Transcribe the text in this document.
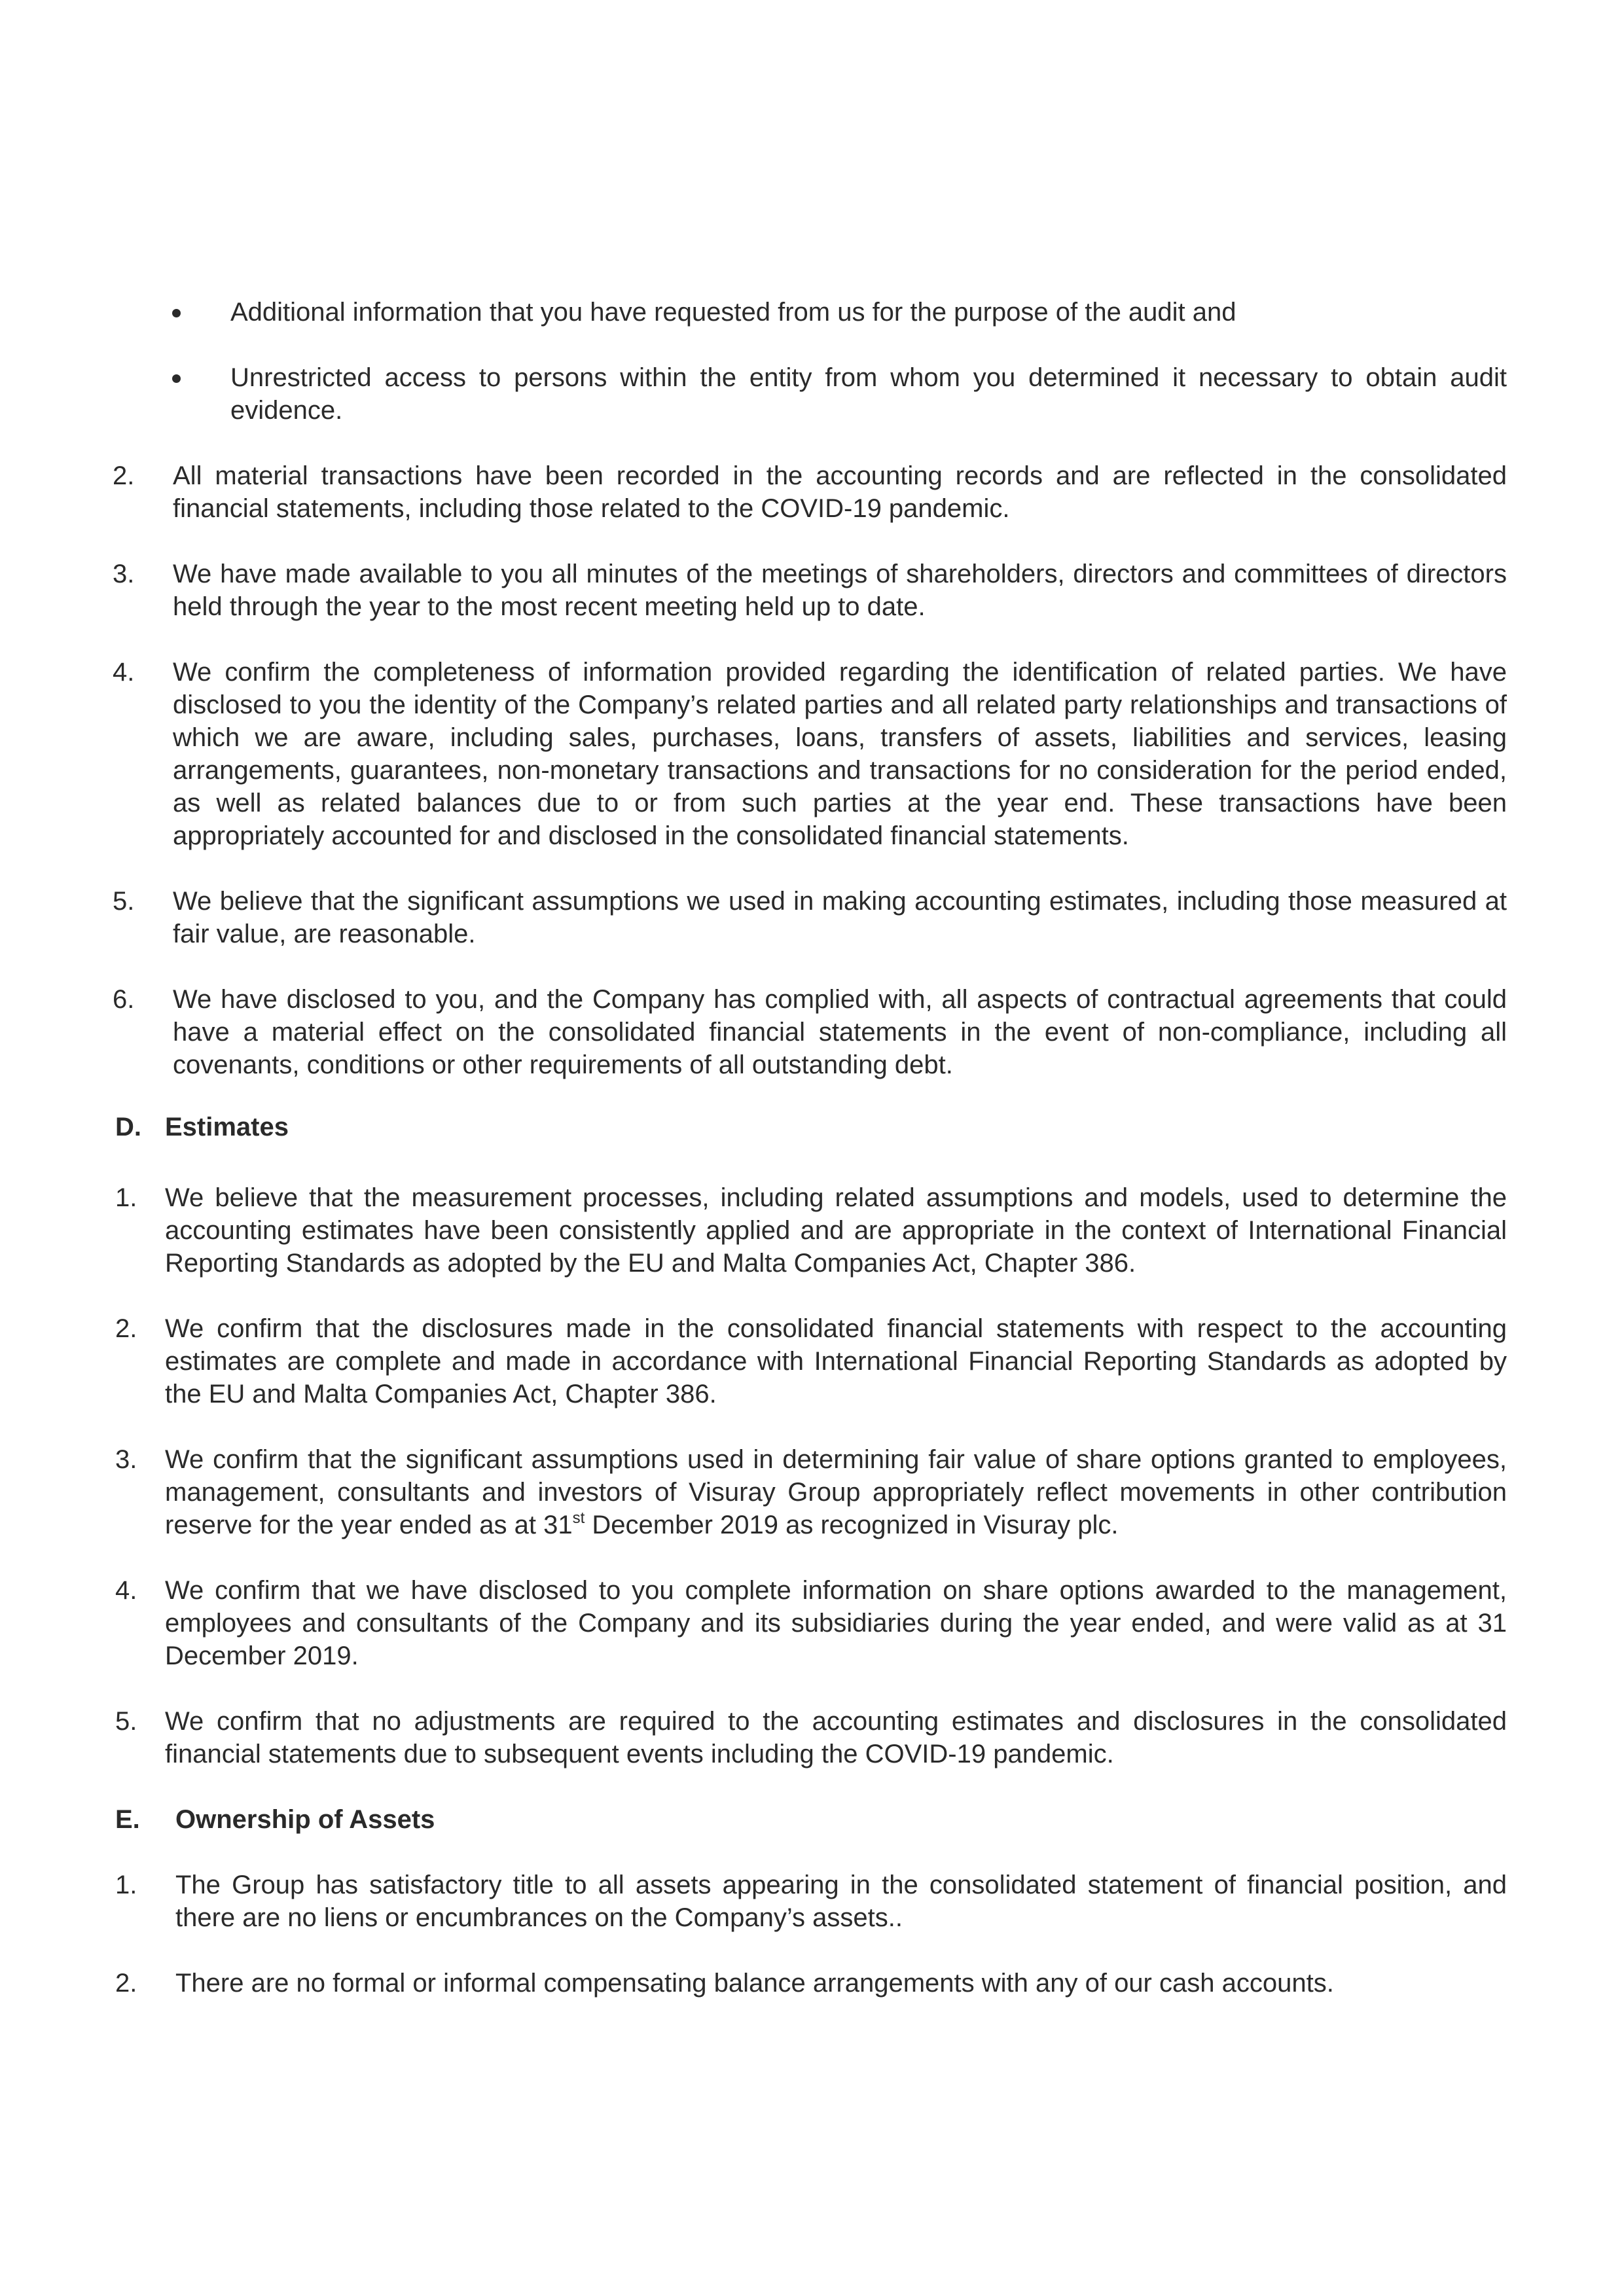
Additional information that you have requested from us for the purpose of the audit and

Unrestricted access to persons within the entity from whom you determined it necessary to obtain audit evidence.

2. All material transactions have been recorded in the accounting records and are reflected in the consolidated financial statements, including those related to the COVID-19 pandemic.

3. We have made available to you all minutes of the meetings of shareholders, directors and committees of directors held through the year to the most recent meeting held up to date.

4. We confirm the completeness of information provided regarding the identification of related parties. We have disclosed to you the identity of the Company’s related parties and all related party relationships and transactions of which we are aware, including sales, purchases, loans, transfers of assets, liabilities and services, leasing arrangements, guarantees, non-monetary transactions and transactions for no consideration for the period ended, as well as related balances due to or from such parties at the year end. These transactions have been appropriately accounted for and disclosed in the consolidated financial statements.

5. We believe that the significant assumptions we used in making accounting estimates, including those measured at fair value, are reasonable.

6. We have disclosed to you, and the Company has complied with, all aspects of contractual agreements that could have a material effect on the consolidated financial statements in the event of non-compliance, including all covenants, conditions or other requirements of all outstanding debt.

D. Estimates
1. We believe that the measurement processes, including related assumptions and models, used to determine the accounting estimates have been consistently applied and are appropriate in the context of International Financial Reporting Standards as adopted by the EU and Malta Companies Act, Chapter 386.

2. We confirm that the disclosures made in the consolidated financial statements with respect to the accounting estimates are complete and made in accordance with International Financial Reporting Standards as adopted by the EU and Malta Companies Act, Chapter 386.

3. We confirm that the significant assumptions used in determining fair value of share options granted to employees, management, consultants and investors of Visuray Group appropriately reflect movements in other contribution reserve for the year ended as at 31st December 2019 as recognized in Visuray plc.

4. We confirm that we have disclosed to you complete information on share options awarded to the management, employees and consultants of the Company and its subsidiaries during the year ended, and were valid as at 31 December 2019.

5. We confirm that no adjustments are required to the accounting estimates and disclosures in the consolidated financial statements due to subsequent events including the COVID-19 pandemic.

E. Ownership of Assets
1. The Group has satisfactory title to all assets appearing in the consolidated statement of financial position, and there are no liens or encumbrances on the Company’s assets..

2. There are no formal or informal compensating balance arrangements with any of our cash accounts.
